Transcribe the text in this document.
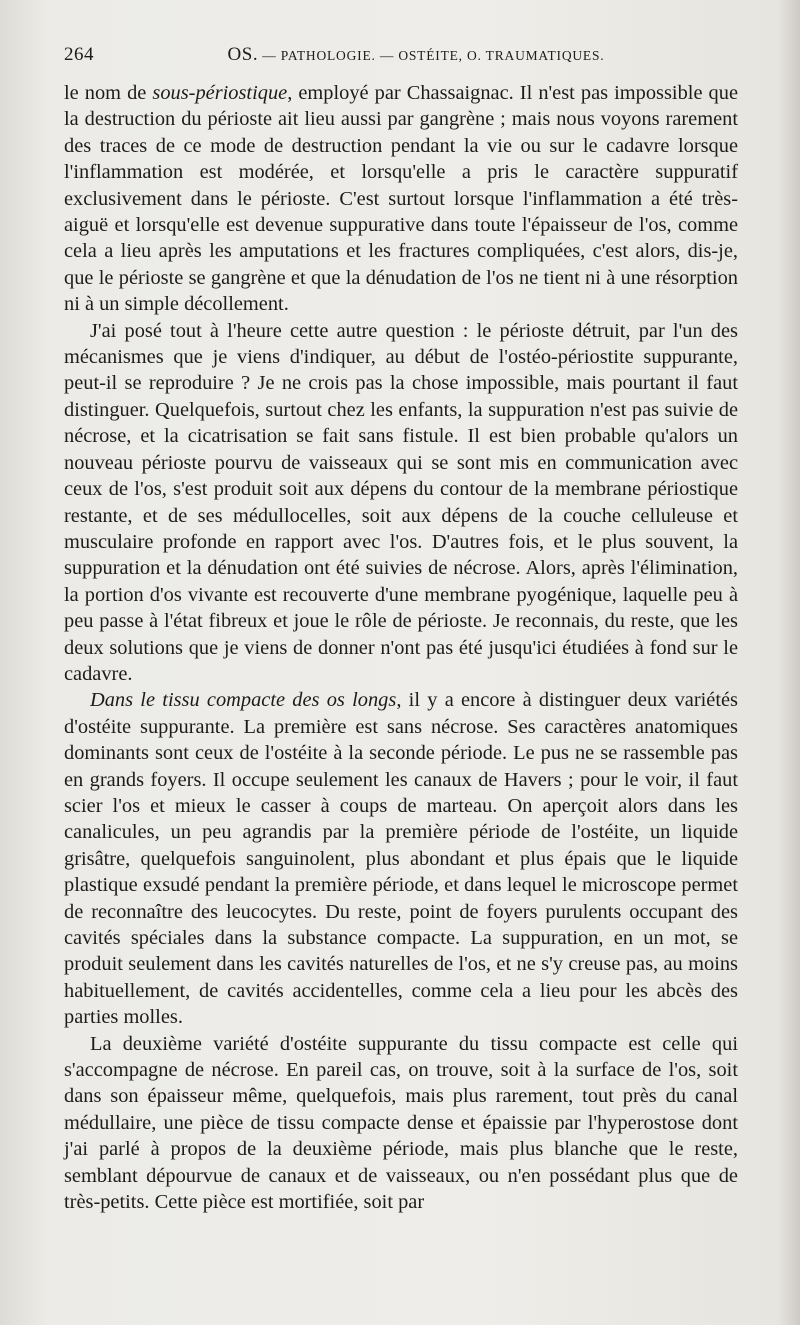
264	OS. — PATHOLOGIE. — OSTÉITE, O. TRAUMATIQUES.

le nom de sous-périostique, employé par Chassaignac. Il n'est pas impossible que la destruction du périoste ait lieu aussi par gangrène ; mais nous voyons rarement des traces de ce mode de destruction pendant la vie ou sur le cadavre lorsque l'inflammation est modérée, et lorsqu'elle a pris le caractère suppuratif exclusivement dans le périoste. C'est surtout lorsque l'inflammation a été très-aiguë et lorsqu'elle est devenue suppurative dans toute l'épaisseur de l'os, comme cela a lieu après les amputations et les fractures compliquées, c'est alors, dis-je, que le périoste se gangrène et que la dénudation de l'os ne tient ni à une résorption ni à un simple décollement.

J'ai posé tout à l'heure cette autre question : le périoste détruit, par l'un des mécanismes que je viens d'indiquer, au début de l'ostéo-périostite suppurante, peut-il se reproduire ? Je ne crois pas la chose impossible, mais pourtant il faut distinguer. Quelquefois, surtout chez les enfants, la suppuration n'est pas suivie de nécrose, et la cicatrisation se fait sans fistule. Il est bien probable qu'alors un nouveau périoste pourvu de vaisseaux qui se sont mis en communication avec ceux de l'os, s'est produit soit aux dépens du contour de la membrane périostique restante, et de ses médullocelles, soit aux dépens de la couche celluleuse et musculaire profonde en rapport avec l'os. D'autres fois, et le plus souvent, la suppuration et la dénudation ont été suivies de nécrose. Alors, après l'élimination, la portion d'os vivante est recouverte d'une membrane pyogénique, laquelle peu à peu passe à l'état fibreux et joue le rôle de périoste. Je reconnais, du reste, que les deux solutions que je viens de donner n'ont pas été jusqu'ici étudiées à fond sur le cadavre.

Dans le tissu compacte des os longs, il y a encore à distinguer deux variétés d'ostéite suppurante. La première est sans nécrose. Ses caractères anatomiques dominants sont ceux de l'ostéite à la seconde période. Le pus ne se rassemble pas en grands foyers. Il occupe seulement les canaux de Havers ; pour le voir, il faut scier l'os et mieux le casser à coups de marteau. On aperçoit alors dans les canalicules, un peu agrandis par la première période de l'ostéite, un liquide grisâtre, quelquefois sanguinolent, plus abondant et plus épais que le liquide plastique exsudé pendant la première période, et dans lequel le microscope permet de reconnaître des leucocytes. Du reste, point de foyers purulents occupant des cavités spéciales dans la substance compacte. La suppuration, en un mot, se produit seulement dans les cavités naturelles de l'os, et ne s'y creuse pas, au moins habituellement, de cavités accidentelles, comme cela a lieu pour les abcès des parties molles.

La deuxième variété d'ostéite suppurante du tissu compacte est celle qui s'accompagne de nécrose. En pareil cas, on trouve, soit à la surface de l'os, soit dans son épaisseur même, quelquefois, mais plus rarement, tout près du canal médullaire, une pièce de tissu compacte dense et épaissie par l'hyperostose dont j'ai parlé à propos de la deuxième période, mais plus blanche que le reste, semblant dépourvue de canaux et de vaisseaux, ou n'en possédant plus que de très-petits. Cette pièce est mortifiée, soit par
